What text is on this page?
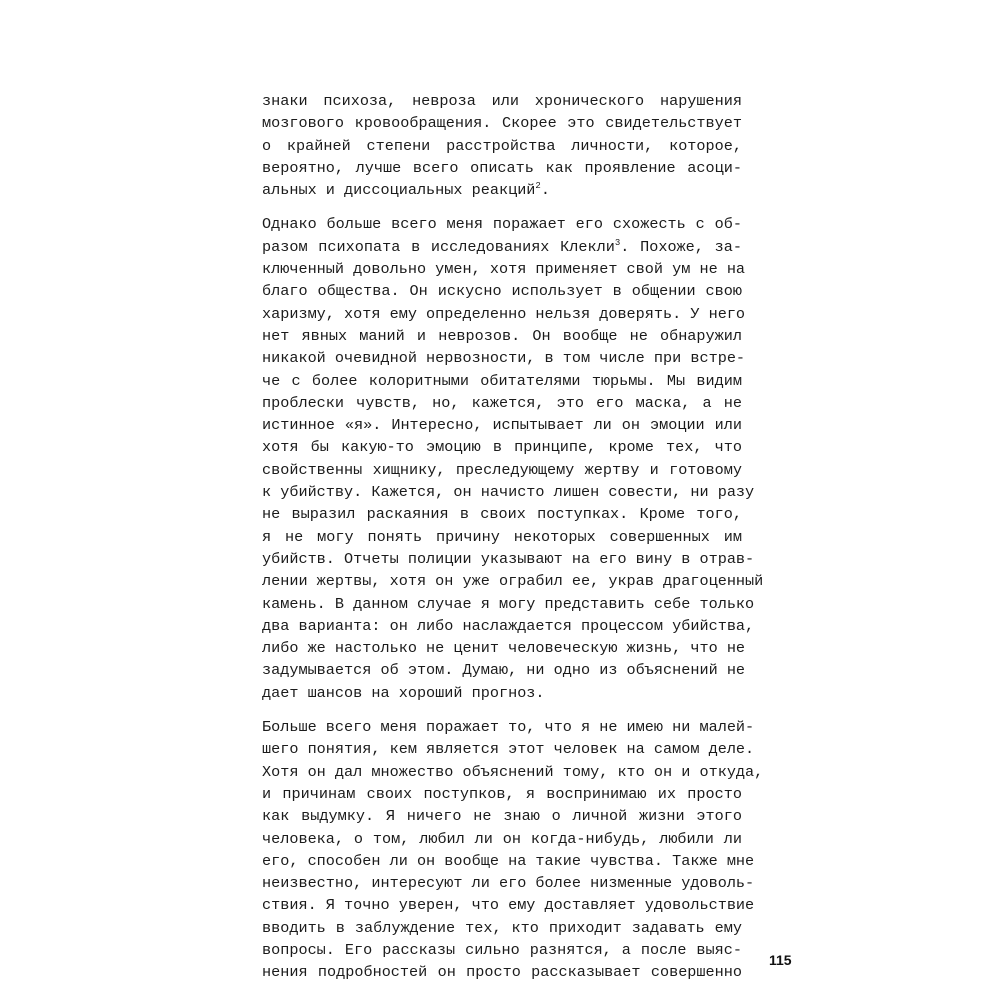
знаки психоза, невроза или хронического нарушения
мозгового кровообращения. Скорее это свидетельствует
о крайней степени расстройства личности, которое,
вероятно, лучше всего описать как проявление асоци-
альных и диссоциальных реакций$^2$.
Однако больше всего меня поражает его схожесть с об-
разом психопата в исследованиях Клекли$^3$. Похоже, за-
ключенный довольно умен, хотя применяет свой ум не на
благо общества. Он искусно использует в общении свою
харизму, хотя ему определенно нельзя доверять. У него
нет явных маний и неврозов. Он вообще не обнаружил
никакой очевидной нервозности, в том числе при встре-
че с более колоритными обитателями тюрьмы. Мы видим
проблески чувств, но, кажется, это его маска, а не
истинное «я». Интересно, испытывает ли он эмоции или
хотя бы какую-то эмоцию в принципе, кроме тех, что
свойственны хищнику, преследующему жертву и готовому
к убийству. Кажется, он начисто лишен совести, ни разу
не выразил раскаяния в своих поступках. Кроме того,
я не могу понять причину некоторых совершенных им
убийств. Отчеты полиции указывают на его вину в отрав-
лении жертвы, хотя он уже ограбил ее, украв драгоценный
камень. В данном случае я могу представить себе только
два варианта: он либо наслаждается процессом убийства,
либо же настолько не ценит человеческую жизнь, что не
задумывается об этом. Думаю, ни одно из объяснений не
дает шансов на хороший прогноз.
Больше всего меня поражает то, что я не имею ни малей-
шего понятия, кем является этот человек на самом деле.
Хотя он дал множество объяснений тому, кто он и откуда,
и причинам своих поступков, я воспринимаю их просто
как выдумку. Я ничего не знаю о личной жизни этого
человека, о том, любил ли он когда-нибудь, любили ли
его, способен ли он вообще на такие чувства. Также мне
неизвестно, интересуют ли его более низменные удоволь-
ствия. Я точно уверен, что ему доставляет удовольствие
вводить в заблуждение тех, кто приходит задавать ему
вопросы. Его рассказы сильно разнятся, а после выяс-
нения подробностей он просто рассказывает совершенно
115
